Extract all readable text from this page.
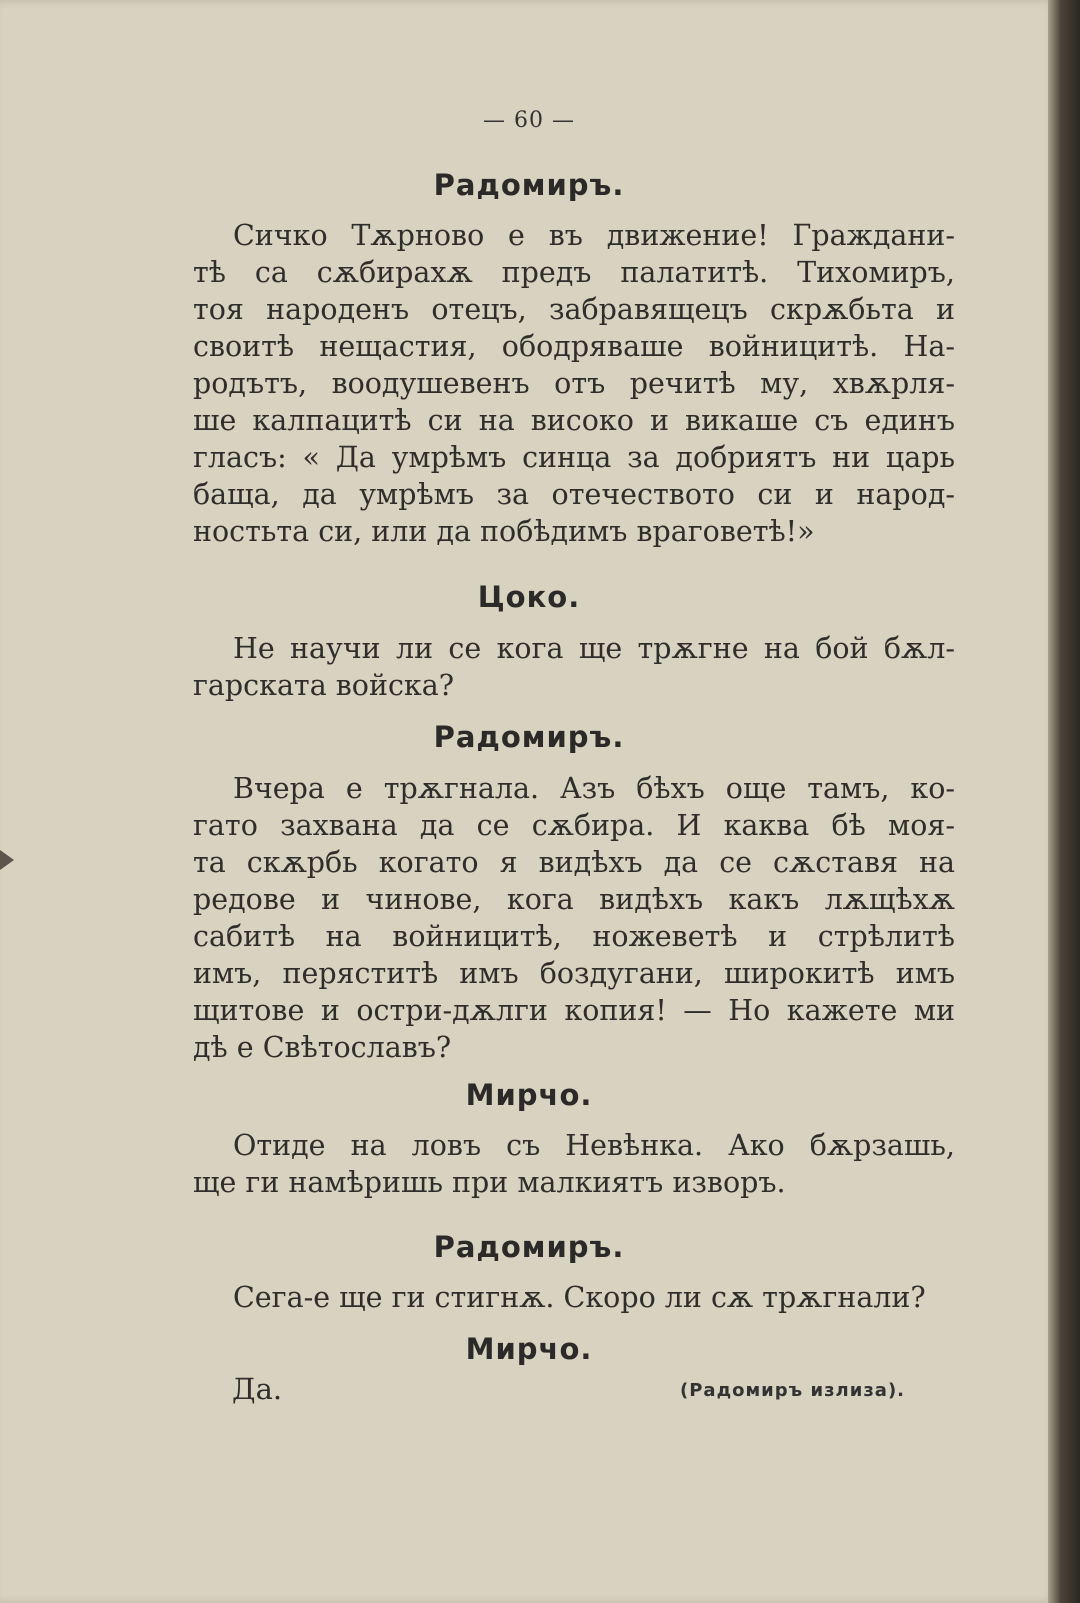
— 60 —
Радомиръ.
Сичко Тѫрново е въ движение! Граждани-
тѣ са сѫбирахѫ предъ палатитѣ. Тихомиръ,
тоя народенъ отецъ, забравящецъ скрѫбьта и
своитѣ нещастия, ободряваше войницитѣ. На-
родътъ, воодушевенъ отъ речитѣ му, хвѫрля-
ше калпацитѣ си на високо и викаше съ единъ
гласъ: « Да умрѣмъ синца за добриятъ ни царь
баща, да умрѣмъ за отечеството си и народ-
ностьта си, или да побѣдимъ враговетѣ!»
Цоко.
Не научи ли се кога ще трѫгне на бой бѫл-
гарската войска?
Радомиръ.
Вчера е трѫгнала. Азъ бѣхъ още тамъ, ко-
гато захвана да се сѫбира. И каква бѣ моя-
та скѫрбь когато я видѣхъ да се сѫставя на
редове и чинове, кога видѣхъ какъ лѫщѣхѫ
сабитѣ на войницитѣ, ножеветѣ и стрѣлитѣ
имъ, перяститѣ имъ боздугани, широкитѣ имъ
щитове и остри-дѫлги копия! — Но кажете ми
дѣ е Свѣтославъ?
Мирчо.
Отиде на ловъ съ Невѣнка. Ако бѫрзашь,
ще ги намѣришь при малкиятъ изворъ.
Радомиръ.
Сега-е ще ги стигнѫ. Скоро ли сѫ трѫгнали?
Мирчо.
Да.	(Радомиръ излиза).
